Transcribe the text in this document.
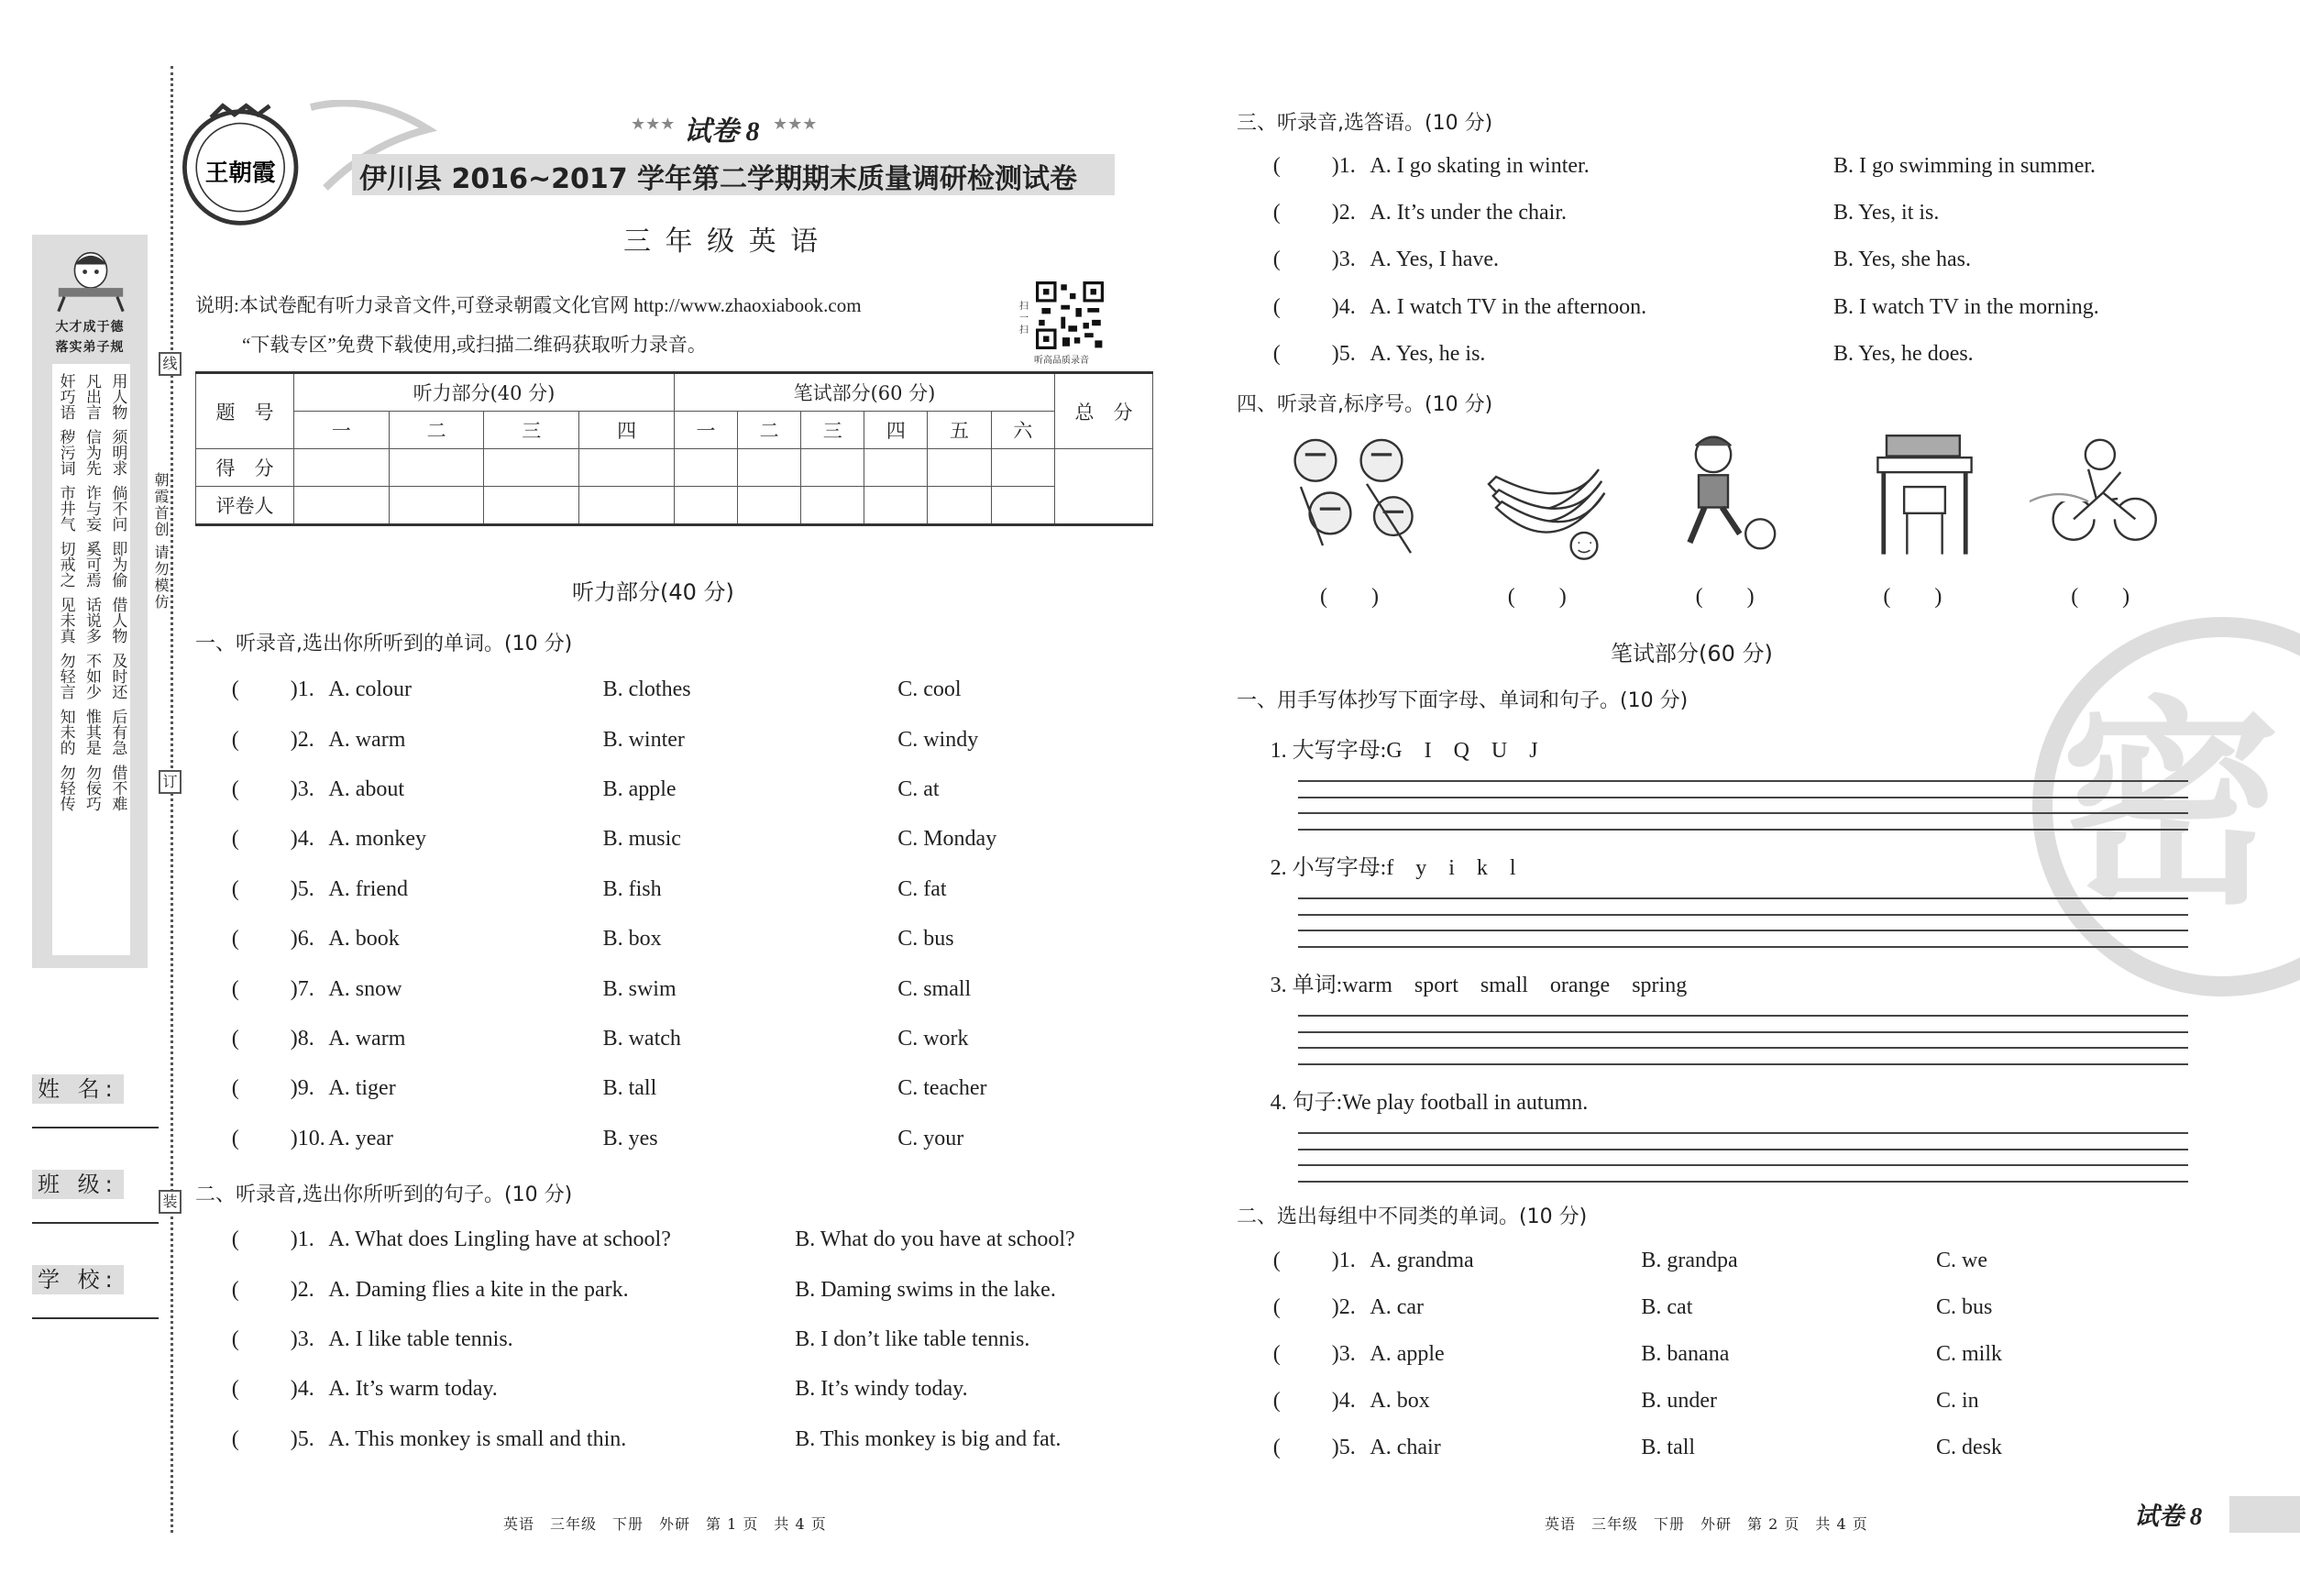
线
订
装
朝霞首创 请勿模仿
大才成于德
落实弟子规
奸巧语 凡出言 用人物
秽污词 信为先 须明求
市井气 诈与妄 倘不问
切戒之 奚可焉 即为偷
见未真 话说多 借人物
勿轻言 不如少 及时还
知未的 惟其是 后有急
勿轻传 勿佞巧 借不难
姓 名:
班 级:
学 校:
王朝霞
★★★ 试卷 8 ★★★
伊川县 2016~2017 学年第二学期期末质量调研检测试卷
三 年 级 英 语
说明:本试卷配有听力录音文件,可登录朝霞文化官网 http://www.zhaoxiabook.com
“下载专区”免费下载使用,或扫描二维码获取听力录音。
扫一扫
听高品质录音
题　号	听力部分(40 分)				笔试部分(60 分)						总　分
	一	二	三	四	一	二	三	四	五	六	
得　分											
评卷人											
听力部分(40 分)
一、听录音,选出你所听到的单词。(10 分)
二、听录音,选出你所听到的句子。(10 分)
英语　三年级　下册　外研　第 1 页　共 4 页
三、听录音,选答语。(10 分)
四、听录音,标序号。(10 分)
笔试部分(60 分)
一、用手写体抄写下面字母、单词和句子。(10 分)
二、选出每组中不同类的单词。(10 分)
英语　三年级　下册　外研　第 2 页　共 4 页	试卷 8
密
( )1. A. colour	B. clothes	C. cool
( )2. A. warm	B. winter	C. windy
( )3. A. about	B. apple	C. at
( )4. A. monkey	B. music	C. Monday
( )5. A. friend	B. fish	C. fat
( )6. A. book	B. box	C. bus
( )7. A. snow	B. swim	C. small
( )8. A. warm	B. watch	C. work
( )9. A. tiger	B. tall	C. teacher
( )10. A. year	B. yes	C. your
( )1. A. What does Lingling have at school?	B. What do you have at school?
( )2. A. Daming flies a kite in the park.	B. Daming swims in the lake.
( )3. A. I like table tennis.	B. I don’t like table tennis.
( )4. A. It’s warm today.	B. It’s windy today.
( )5. A. This monkey is small and thin.	B. This monkey is big and fat.
( )1. A. I go skating in winter.	B. I go swimming in summer.
( )2. A. It’s under the chair.	B. Yes, it is.
( )3. A. Yes, I have.	B. Yes, she has.
( )4. A. I watch TV in the afternoon.	B. I watch TV in the morning.
( )5. A. Yes, he is.	B. Yes, he does.
( )1. A. grandma	B. grandpa	C. we
( )2. A. car	B. cat	C. bus
( )3. A. apple	B. banana	C. milk
( )4. A. box	B. under	C. in
( )5. A. chair	B. tall	C. desk
(　　)	(　　)	(　　)	(　　)	(　　)
1. 大写字母:G　I　Q　U　J
2. 小写字母:f　y　i　k　l
3. 单词:warm　sport　small　orange　spring
4. 句子:We play football in autumn.
